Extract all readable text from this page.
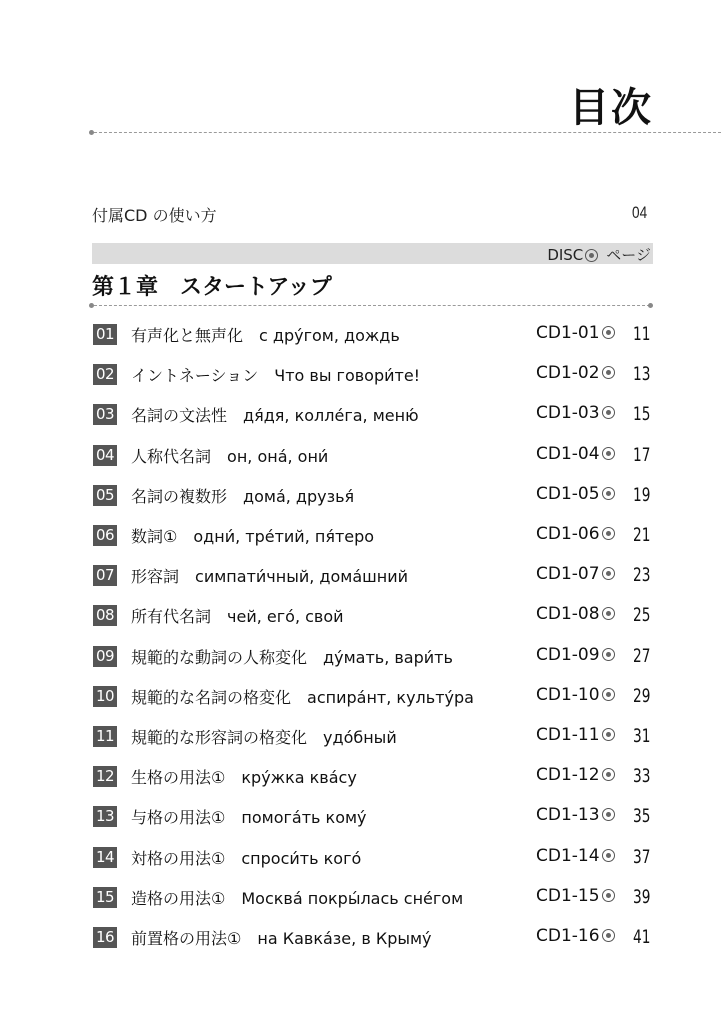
目次
付属CD の使い方	04
DISC ページ
第１章　スタートアップ
01 有声化と無声化　 с дру́гом, дождь	CD1-01	11
02 イントネーション　 Что вы говори́те!	CD1-02	13
03 名詞の文法性　 дя́дя, колле́га, меню́	CD1-03	15
04 人称代名詞　 он, она́, они́	CD1-04	17
05 名詞の複数形　 дома́, друзья́	CD1-05	19
06 数詞①　 одни́, тре́тий, пя́теро	CD1-06	21
07 形容詞　 симпати́чный, дома́шний	CD1-07	23
08 所有代名詞　 чей, его́, свой	CD1-08	25
09 規範的な動詞の人称変化　 ду́мать, вари́ть	CD1-09	27
10 規範的な名詞の格変化　 аспира́нт, культу́ра	CD1-10	29
11 規範的な形容詞の格変化　 удо́бный	CD1-11	31
12 生格の用法①　 кру́жка ква́су	CD1-12	33
13 与格の用法①　 помога́ть кому́	CD1-13	35
14 対格の用法①　 спроси́ть кого́	CD1-14	37
15 造格の用法①　 Москва́ покры́лась сне́гом	CD1-15	39
16 前置格の用法①　 на Кавка́зе, в Крыму́	CD1-16	41
